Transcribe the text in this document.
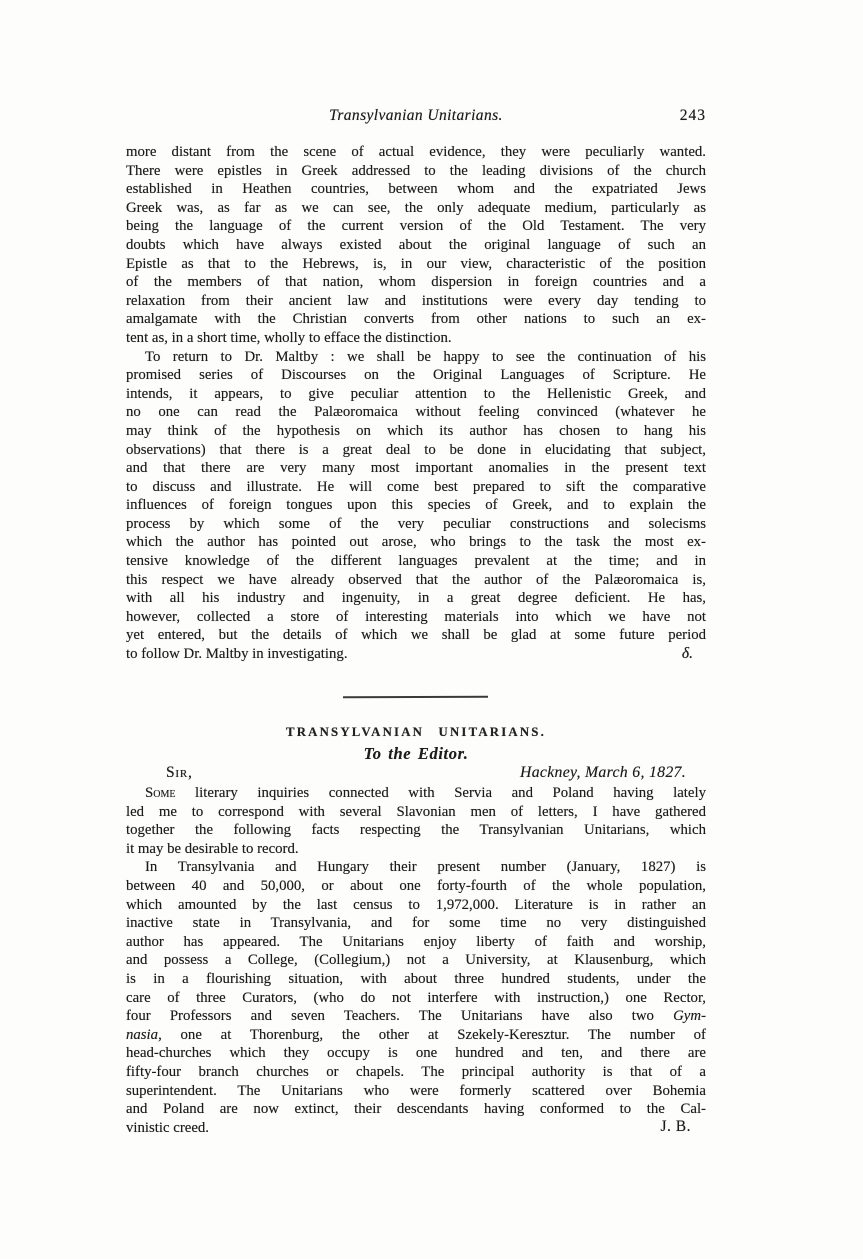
Transylvanian Unitarians.	243
more distant from the scene of actual evidence, they were peculiarly wanted.
There were epistles in Greek addressed to the leading divisions of the church
established in Heathen countries, between whom and the expatriated Jews
Greek was, as far as we can see, the only adequate medium, particularly as
being the language of the current version of the Old Testament. The very
doubts which have always existed about the original language of such an
Epistle as that to the Hebrews, is, in our view, characteristic of the position
of the members of that nation, whom dispersion in foreign countries and a
relaxation from their ancient law and institutions were every day tending to
amalgamate with the Christian converts from other nations to such an ex-
tent as, in a short time, wholly to efface the distinction.
To return to Dr. Maltby : we shall be happy to see the continuation of his
promised series of Discourses on the Original Languages of Scripture. He
intends, it appears, to give peculiar attention to the Hellenistic Greek, and
no one can read the Palæoromaica without feeling convinced (whatever he
may think of the hypothesis on which its author has chosen to hang his
observations) that there is a great deal to be done in elucidating that subject,
and that there are very many most important anomalies in the present text
to discuss and illustrate. He will come best prepared to sift the comparative
influences of foreign tongues upon this species of Greek, and to explain the
process by which some of the very peculiar constructions and solecisms
which the author has pointed out arose, who brings to the task the most ex-
tensive knowledge of the different languages prevalent at the time; and in
this respect we have already observed that the author of the Palæoromaica is,
with all his industry and ingenuity, in a great degree deficient. He has,
however, collected a store of interesting materials into which we have not
yet entered, but the details of which we shall be glad at some future period
to follow Dr. Maltby in investigating.	δ.
TRANSYLVANIAN UNITARIANS.
To the Editor.
Sir,	Hackney, March 6, 1827.
Some literary inquiries connected with Servia and Poland having lately
led me to correspond with several Slavonian men of letters, I have gathered
together the following facts respecting the Transylvanian Unitarians, which
it may be desirable to record.
In Transylvania and Hungary their present number (January, 1827) is
between 40 and 50,000, or about one forty-fourth of the whole population,
which amounted by the last census to 1,972,000. Literature is in rather an
inactive state in Transylvania, and for some time no very distinguished
author has appeared. The Unitarians enjoy liberty of faith and worship,
and possess a College, (Collegium,) not a University, at Klausenburg, which
is in a flourishing situation, with about three hundred students, under the
care of three Curators, (who do not interfere with instruction,) one Rector,
four Professors and seven Teachers. The Unitarians have also two Gym-
nasia, one at Thorenburg, the other at Szekely-Keresztur. The number of
head-churches which they occupy is one hundred and ten, and there are
fifty-four branch churches or chapels. The principal authority is that of a
superintendent. The Unitarians who were formerly scattered over Bohemia
and Poland are now extinct, their descendants having conformed to the Cal-
vinistic creed.	J. B.
